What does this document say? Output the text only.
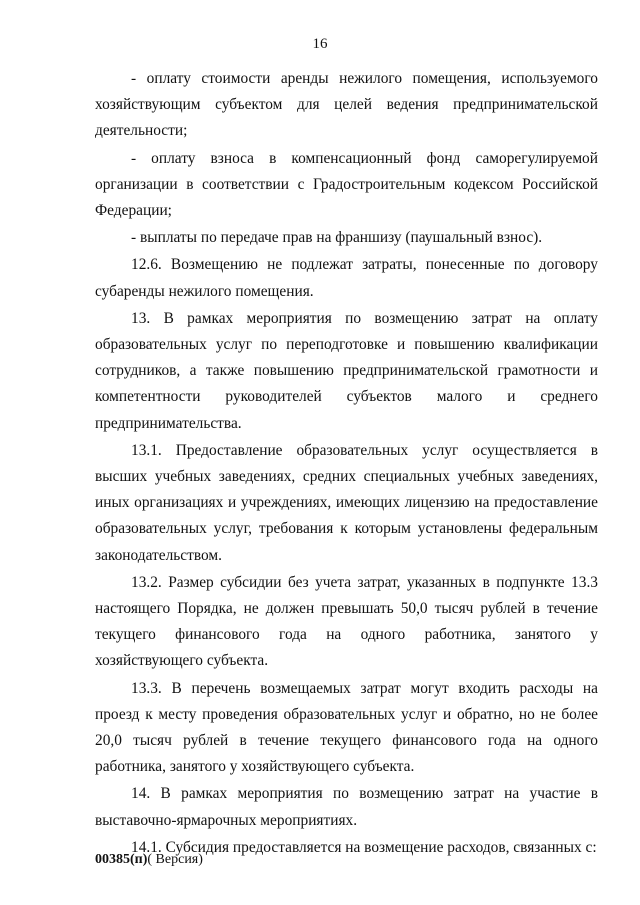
16

- оплату стоимости аренды нежилого помещения, используемого хозяйствующим субъектом для целей ведения предпринимательской деятельности;

- оплату взноса в компенсационный фонд саморегулируемой организации в соответствии с Градостроительным кодексом Российской Федерации;

- выплаты по передаче прав на франшизу (паушальный взнос).

12.6. Возмещению не подлежат затраты, понесенные по договору субаренды нежилого помещения.

13. В рамках мероприятия по возмещению затрат на оплату образовательных услуг по переподготовке и повышению квалификации сотрудников, а также повышению предпринимательской грамотности и компетентности руководителей субъектов малого и среднего предпринимательства.

13.1. Предоставление образовательных услуг осуществляется в высших учебных заведениях, средних специальных учебных заведениях, иных организациях и учреждениях, имеющих лицензию на предоставление образовательных услуг, требования к которым установлены федеральным законодательством.

13.2. Размер субсидии без учета затрат, указанных в подпункте 13.3 настоящего Порядка, не должен превышать 50,0 тысяч рублей в течение текущего финансового года на одного работника, занятого у хозяйствующего субъекта.

13.3. В перечень возмещаемых затрат могут входить расходы на проезд к месту проведения образовательных услуг и обратно, но не более 20,0 тысяч рублей в течение текущего финансового года на одного работника, занятого у хозяйствующего субъекта.

14. В рамках мероприятия по возмещению затрат на участие в выставочно-ярмарочных мероприятиях.

14.1. Субсидия предоставляется на возмещение расходов, связанных с:

00385(п)( Версия)
